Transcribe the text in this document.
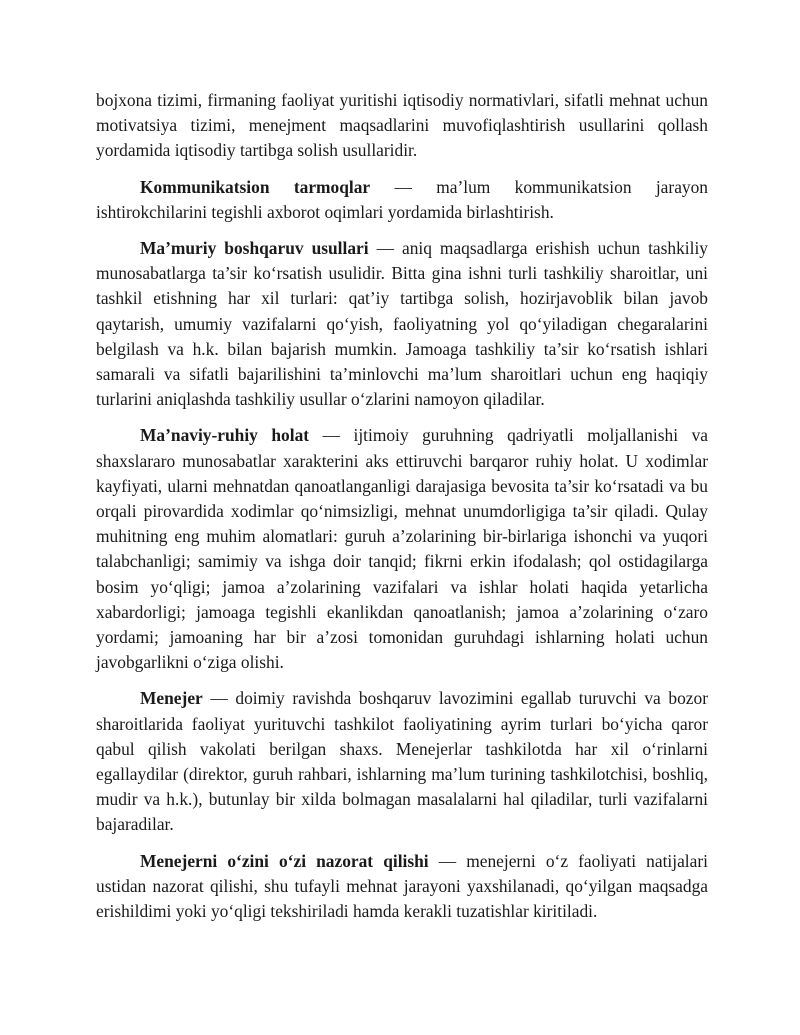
bojxona tizimi, firmaning faoliyat yuritishi iqtisodiy normativlari, sifatli mehnat uchun motivatsiya tizimi, menejment maqsadlarini muvofiqlashtirish usullarini qollash yordamida iqtisodiy tartibga solish usullaridir.

Kommunikatsion tarmoqlar — ma’lum kommunikatsion jarayon ishtirokchilarini tegishli axborot oqimlari yordamida birlashtirish.

Ma’muriy boshqaruv usullari — aniq maqsadlarga erishish uchun tashkiliy munosabatlarga ta’sir ko‘rsatish usulidir. Bitta gina ishni turli tashkiliy sharoitlar, uni tashkil etishning har xil turlari: qat’iy tartibga solish, hozirjavoblik bilan javob qaytarish, umumiy vazifalarni qo‘yish, faoliyatning yol qo‘yiladigan chegaralarini belgilash va h.k. bilan bajarish mumkin. Jamoaga tashkiliy ta’sir ko‘rsatish ishlari samarali va sifatli bajarilishini ta’minlovchi ma’lum sharoitlari uchun eng haqiqiy turlarini aniqlashda tashkiliy usullar o‘zlarini namoyon qiladilar.

Ma’naviy-ruhiy holat — ijtimoiy guruhning qadriyatli moljallanishi va shaxslararo munosabatlar xarakterini aks ettiruvchi barqaror ruhiy holat. U xodimlar kayfiyati, ularni mehnatdan qanoatlanganligi darajasiga bevosita ta’sir ko‘rsatadi va bu orqali pirovardida xodimlar qo‘nimsizligi, mehnat unumdorligiga ta’sir qiladi. Qulay muhitning eng muhim alomatlari: guruh a’zolarining bir-birlariga ishonchi va yuqori talabchanligi; samimiy va ishga doir tanqid; fikrni erkin ifodalash; qol ostidagilarga bosim yo‘qligi; jamoa a’zolarining vazifalari va ishlar holati haqida yetarlicha xabardorligi; jamoaga tegishli ekanlikdan qanoatlanish; jamoa a’zolarining o‘zaro yordami; jamoaning har bir a’zosi tomonidan guruhdagi ishlarning holati uchun javobgarlikni o‘ziga olishi.

Menejer — doimiy ravishda boshqaruv lavozimini egallab turuvchi va bozor sharoitlarida faoliyat yurituvchi tashkilot faoliyatining ayrim turlari bo‘yicha qaror qabul qilish vakolati berilgan shaxs. Menejerlar tashkilotda har xil o‘rinlarni egallaydilar (direktor, guruh rahbari, ishlarning ma’lum turining tashkilotchisi, boshliq, mudir va h.k.), butunlay bir xilda bolmagan masalalarni hal qiladilar, turli vazifalarni bajaradilar.

Menejerni o‘zini o‘zi nazorat qilishi — menejerni o‘z faoliyati natijalari ustidan nazorat qilishi, shu tufayli mehnat jarayoni yaxshilanadi, qo‘yilgan maqsadga erishildimi yoki yo‘qligi tekshiriladi hamda kerakli tuzatishlar kiritiladi.
